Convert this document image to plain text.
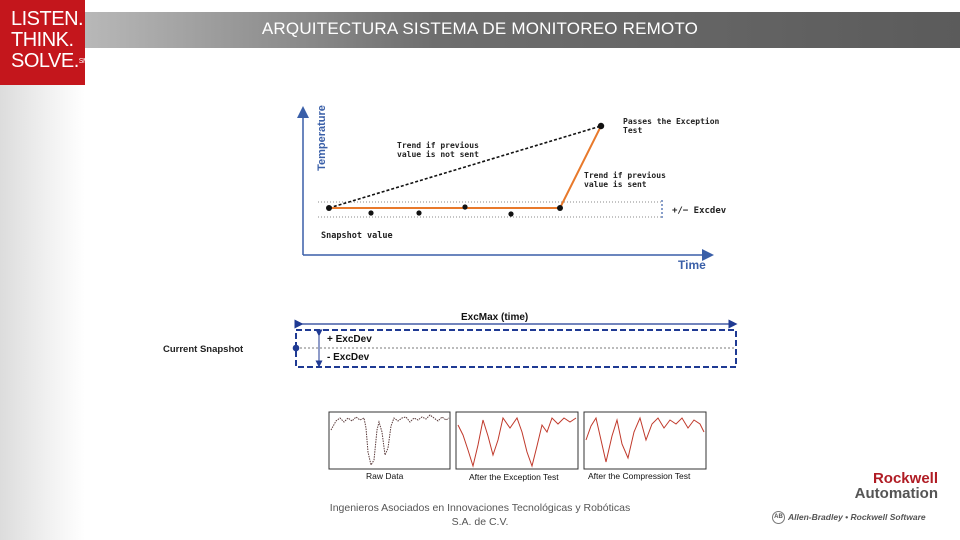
LISTEN.
THINK.
SOLVE.℠
ARQUITECTURA SISTEMA DE MONITOREO REMOTO
Temperature
Time
+/− Excdev
Passes the Exception
Test
Trend if previous
value is not sent
Trend if previous
value is sent
Snapshot value
ExcMax (time)
Current Snapshot
+ ExcDev
- ExcDev
Raw Data	After the Exception Test	After the Compression Test
Ingenieros Asociados en Innovaciones Tecnológicas y Robóticas
S.A. de C.V.
Rockwell
Automation
AB Allen-Bradley • Rockwell Software
